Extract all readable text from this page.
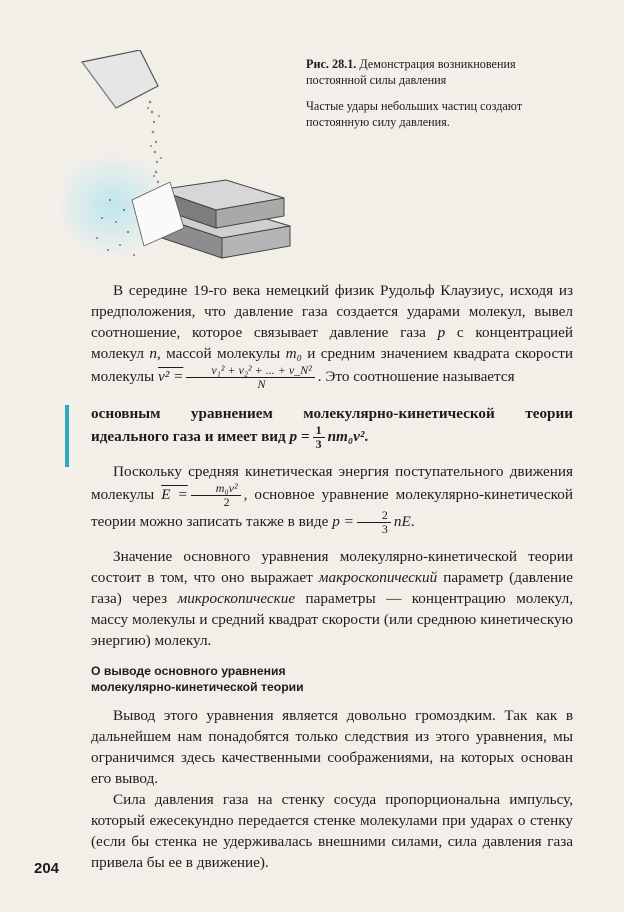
Рис. 28.1. Демонстрация возникновения постоянной силы давления

Частые удары небольших частиц создают постоянную силу давления.

В середине 19-го века немецкий физик Рудольф Клаузиус, исходя из предположения, что давление газа создается ударами молекул, вывел соотношение, которое связывает давление газа p с концентрацией молекул n, массой молекулы m₀ и средним значением квадрата скорости молекулы $v^2 = \frac{\text{v₁² + v₂² + ... + v\_N²}}{N}$ . Это соотношение называется

основным уравнением молекулярно-кинетической теории идеального газа и имеет вид $p = \frac{1}{3} nm_0v^2$.

Поскольку средняя кинетическая энергия поступательного движения молекулы $E = \frac{\text{m₀v²}}{2}$ , основное уравнение молекулярно-кинетической теории можно записать также в виде $p = \frac{2}{3}$ nE.

Значение основного уравнения молекулярно-кинетической теории состоит в том, что оно выражает макроскопический параметр (давление газа) через микроскопические параметры — концентрацию молекул, массу молекулы и средний квадрат скорости (или среднюю кинетическую энергию) молекул.

О выводе основного уравнения
молекулярно-кинетической теории

Вывод этого уравнения является довольно громоздким. Так как в дальнейшем нам понадобятся только следствия из этого уравнения, мы ограничимся здесь качественными соображениями, на которых основан его вывод.

Сила давления газа на стенку сосуда пропорциональна импульсу, который ежесекундно передается стенке молекулами при ударах о стенку (если бы стенка не удерживалась внешними силами, сила давления газа привела бы ее в движение).

204
